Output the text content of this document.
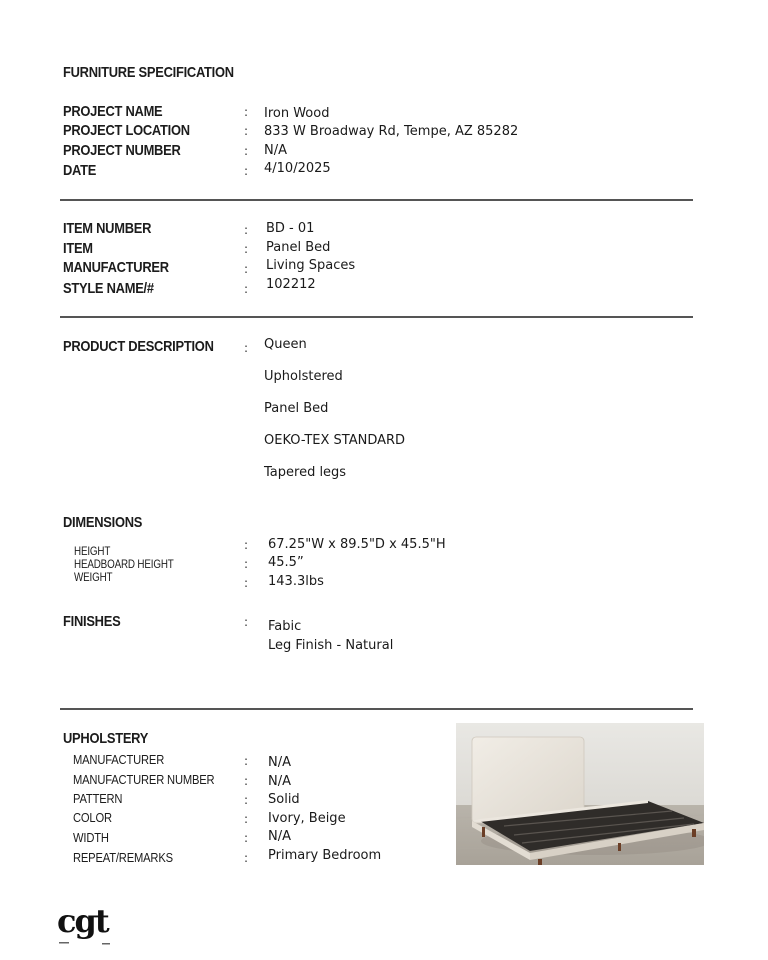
FURNITURE SPECIFICATION
PROJECT NAME	: Iron Wood
PROJECT LOCATION	: 833 W Broadway Rd, Tempe, AZ 85282
PROJECT NUMBER	: N/A
DATE	: 4/10/2025
ITEM NUMBER	: BD - 01
ITEM	: Panel Bed
MANUFACTURER	: Living Spaces
STYLE NAME/#	: 102212
PRODUCT DESCRIPTION	: Queen
Upholstered
Panel Bed
OEKO-TEX STANDARD
Tapered legs
DIMENSIONS
HEIGHT	: 67.25"W x 89.5"D x 45.5"H
HEADBOARD HEIGHT	: 45.5”
WEIGHT	: 143.3lbs
FINISHES	: Fabic
Leg Finish - Natural
UPHOLSTERY
MANUFACTURER	: N/A
MANUFACTURER NUMBER : N/A
PATTERN	: Solid
COLOR	: Ivory, Beige
WIDTH	: N/A
REPEAT/REMARKS	: Primary Bedroom
cgt
